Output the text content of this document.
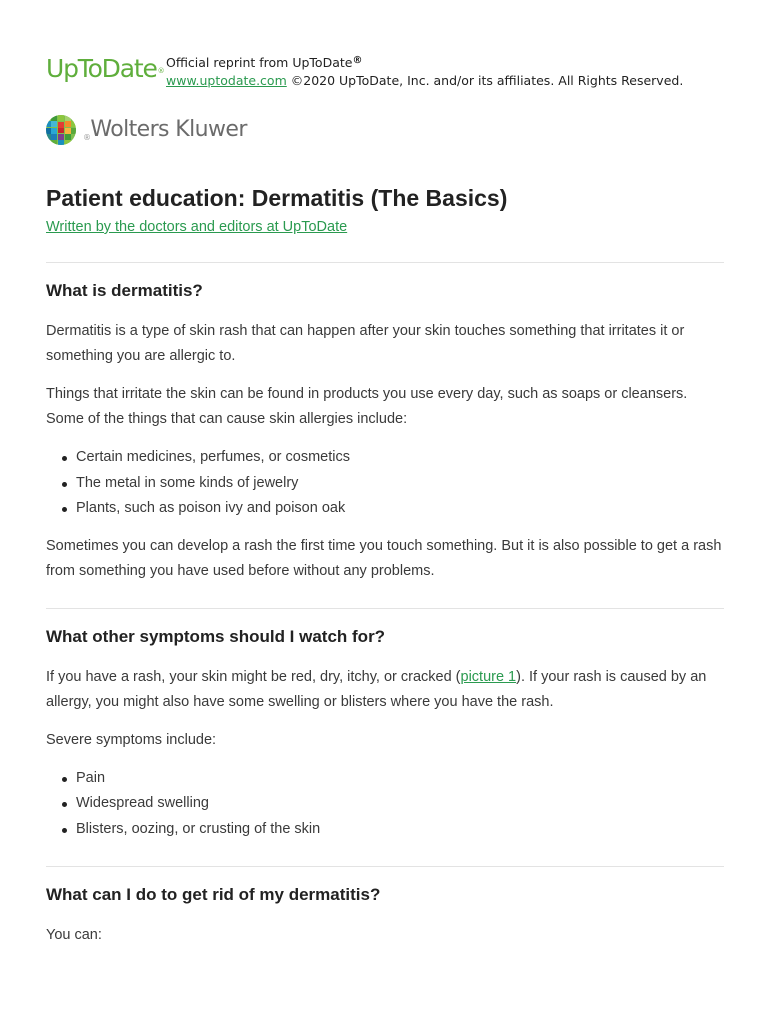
UpToDate®
Official reprint from UpToDate®
www.uptodate.com ©2020 UpToDate, Inc. and/or its affiliates. All Rights Reserved.
®Wolters Kluwer
Patient education: Dermatitis (The Basics)
Written by the doctors and editors at UpToDate
What is dermatitis?

Dermatitis is a type of skin rash that can happen after your skin touches something that irritates it or something you are allergic to.

Things that irritate the skin can be found in products you use every day, such as soaps or cleansers. Some of the things that can cause skin allergies include:

Certain medicines, perfumes, or cosmetics
The metal in some kinds of jewelry
Plants, such as poison ivy and poison oak

Sometimes you can develop a rash the first time you touch something. But it is also possible to get a rash from something you have used before without any problems.

What other symptoms should I watch for?

If you have a rash, your skin might be red, dry, itchy, or cracked (picture 1). If your rash is caused by an allergy, you might also have some swelling or blisters where you have the rash.

Severe symptoms include:

Pain
Widespread swelling
Blisters, oozing, or crusting of the skin
What can I do to get rid of my dermatitis?

You can:
